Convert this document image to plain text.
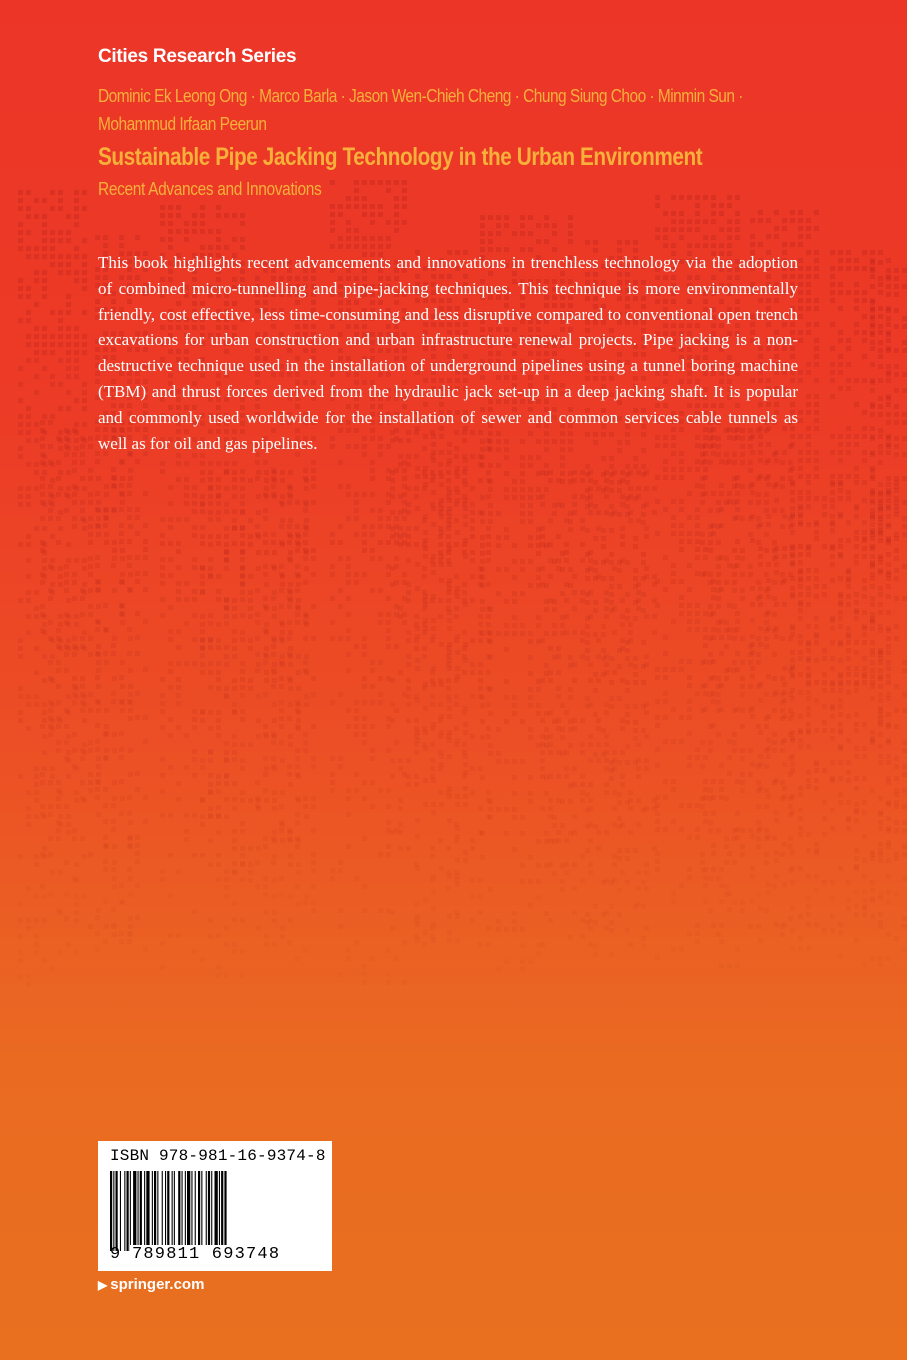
Cities Research Series

Dominic Ek Leong Ong · Marco Barla · Jason Wen-Chieh Cheng · Chung Siung Choo · Minmin Sun ·

Mohammud Irfaan Peerun

Sustainable Pipe Jacking Technology in the Urban Environment

Recent Advances and Innovations

This book highlights recent advancements and innovations in trenchless technology via the adoption of combined micro-tunnelling and pipe-jacking techniques. This technique is more environmentally friendly, cost effective, less time-consuming and less disruptive compared to conventional open trench excavations for urban construction and urban infrastructure renewal projects. Pipe jacking is a non-destructive technique used in the installation of underground pipelines using a tunnel boring machine (TBM) and thrust forces derived from the hydraulic jack set-up in a deep jacking shaft. It is popular and commonly used worldwide for the installation of sewer and common services cable tunnels as well as for oil and gas pipelines.

ISBN 978-981-16-9374-8

9 789811 693748

▶ springer.com
